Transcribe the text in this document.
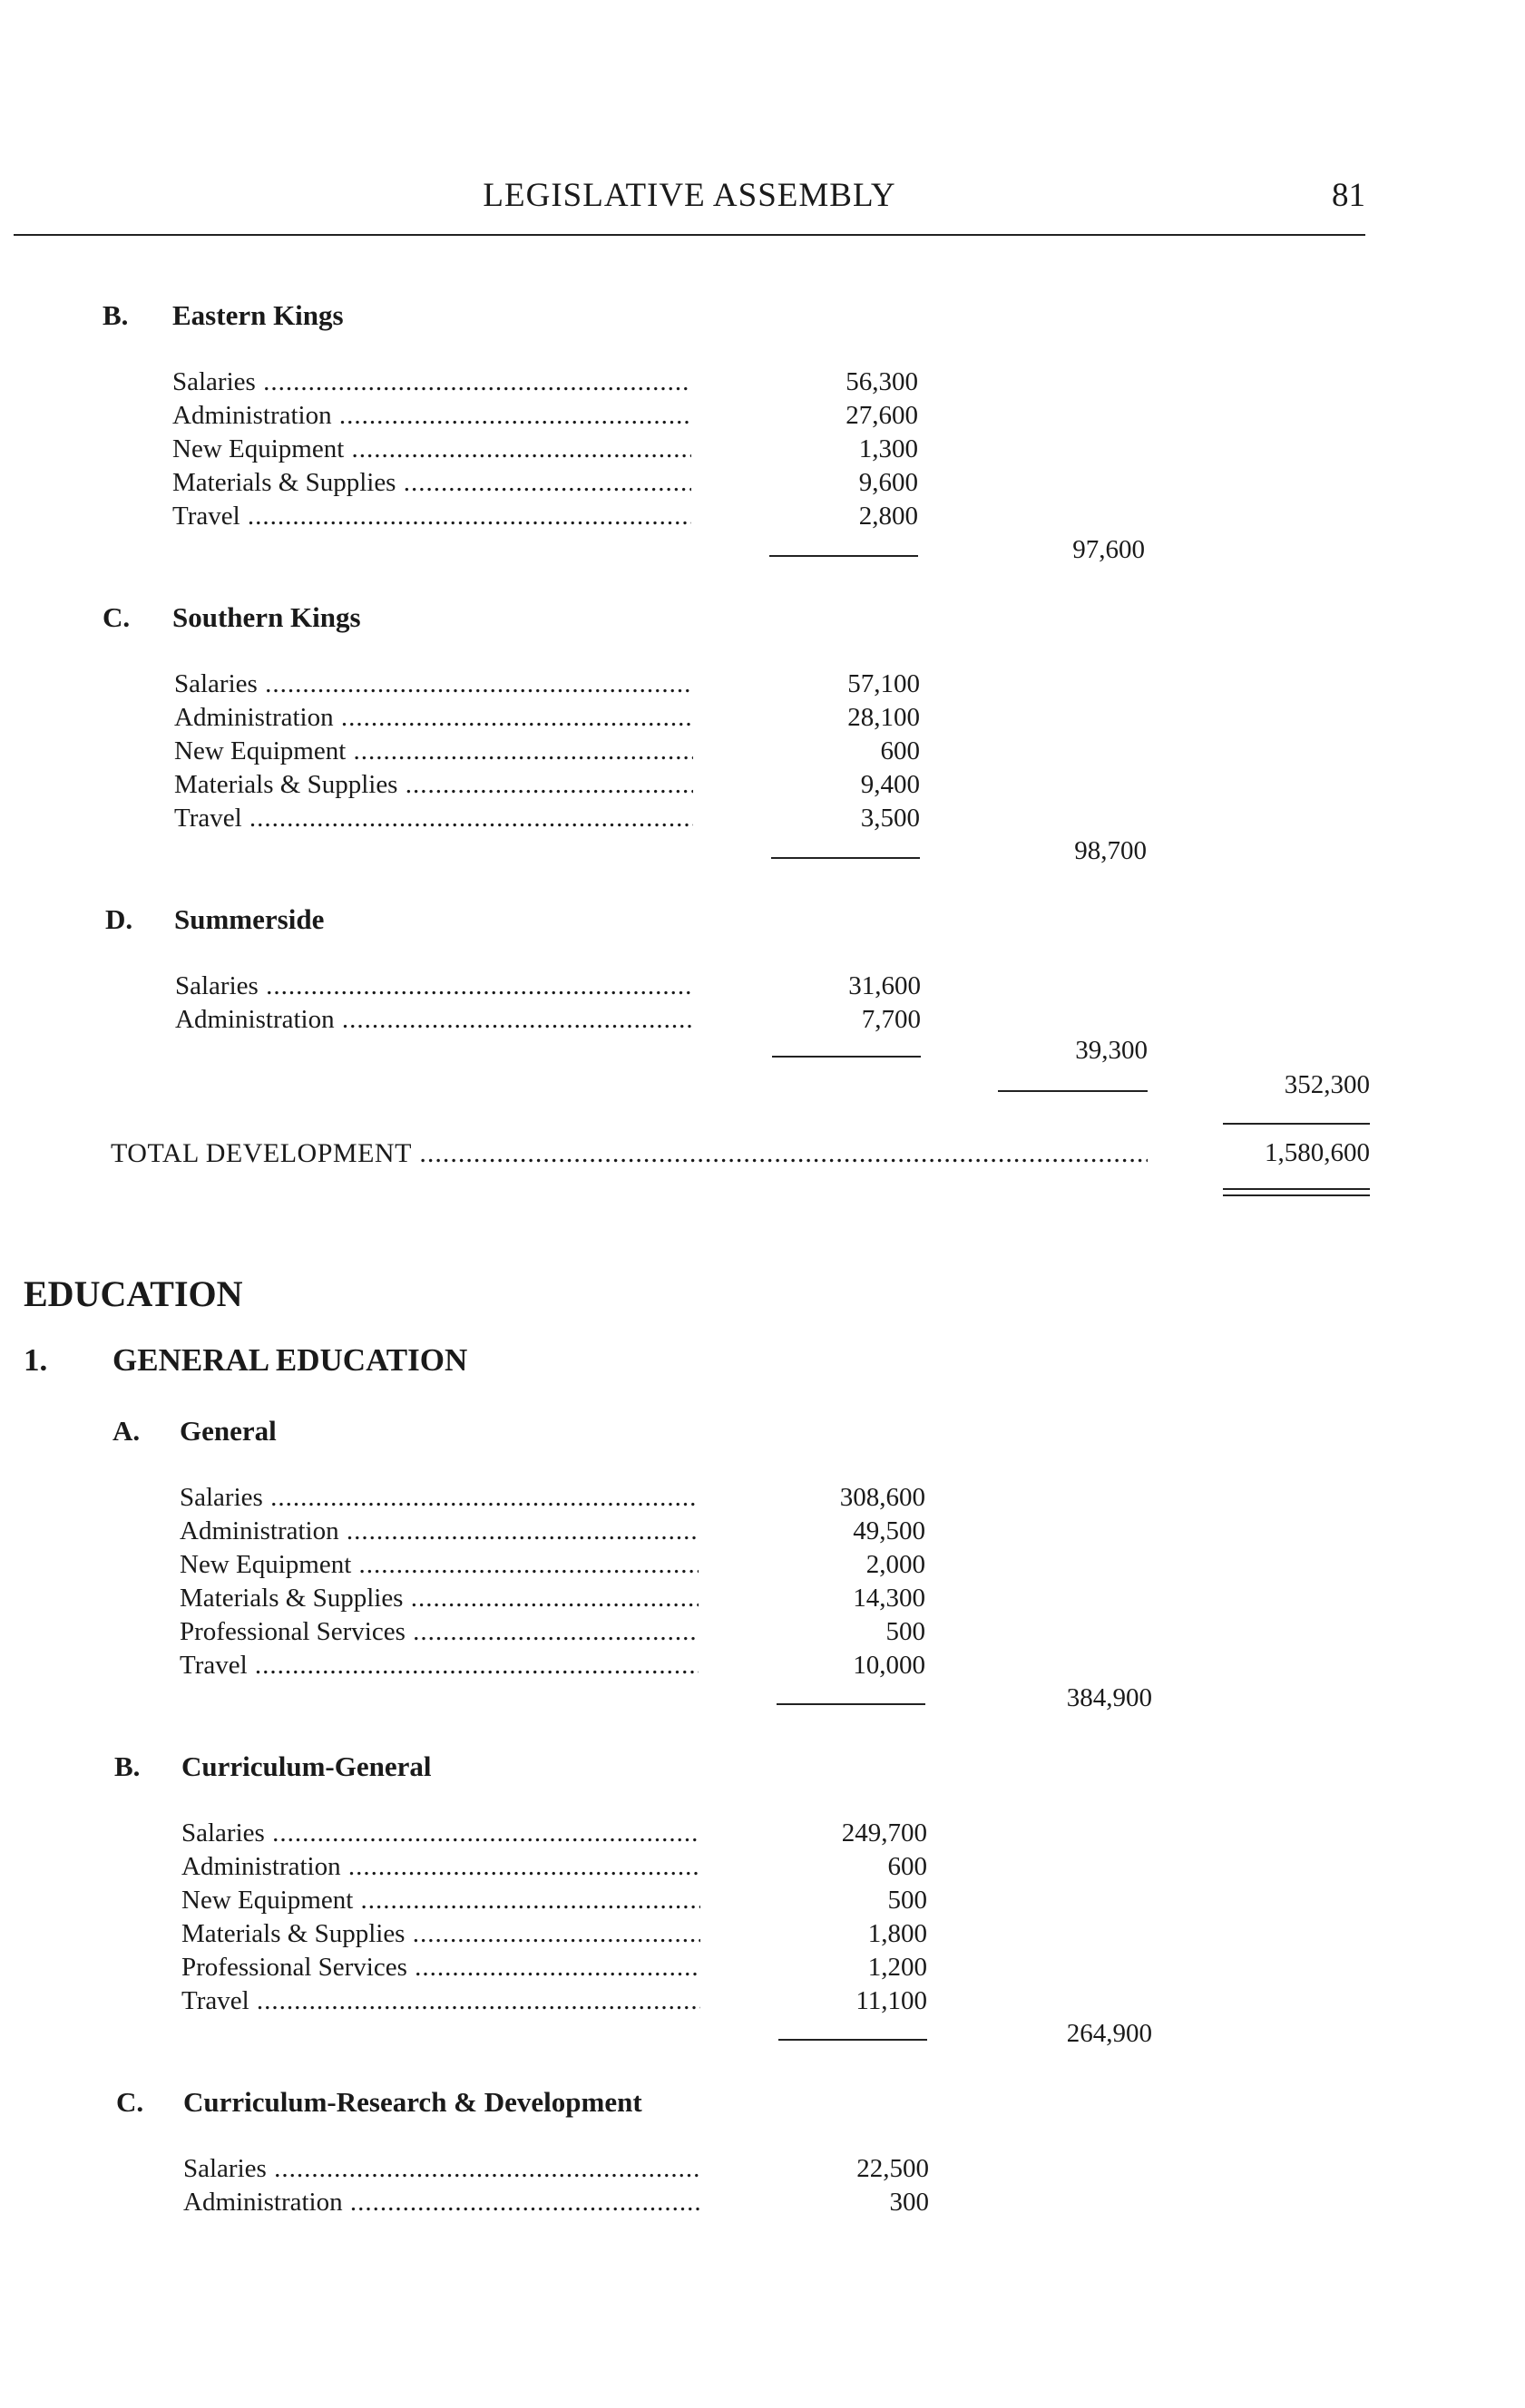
LEGISLATIVE ASSEMBLY	81
B. Eastern Kings
Salaries .....	56,300
Administration .....	27,600
New Equipment .....	1,300
Materials & Supplies .....	9,600
Travel .....	2,800
97,600
C. Southern Kings
Salaries .....	57,100
Administration .....	28,100
New Equipment .....	600
Materials & Supplies .....	9,400
Travel .....	3,500
98,700
D. Summerside
Salaries .....	31,600
Administration .....	7,700
39,300
352,300
TOTAL DEVELOPMENT .....	1,580,600
EDUCATION
1. GENERAL EDUCATION
A. General
Salaries .....	308,600
Administration .....	49,500
New Equipment .....	2,000
Materials & Supplies .....	14,300
Professional Services .....	500
Travel .....	10,000
384,900
B. Curriculum-General
Salaries .....	249,700
Administration .....	600
New Equipment .....	500
Materials & Supplies .....	1,800
Professional Services .....	1,200
Travel .....	11,100
264,900
C. Curriculum-Research & Development
Salaries .....	22,500
Administration .....	300
